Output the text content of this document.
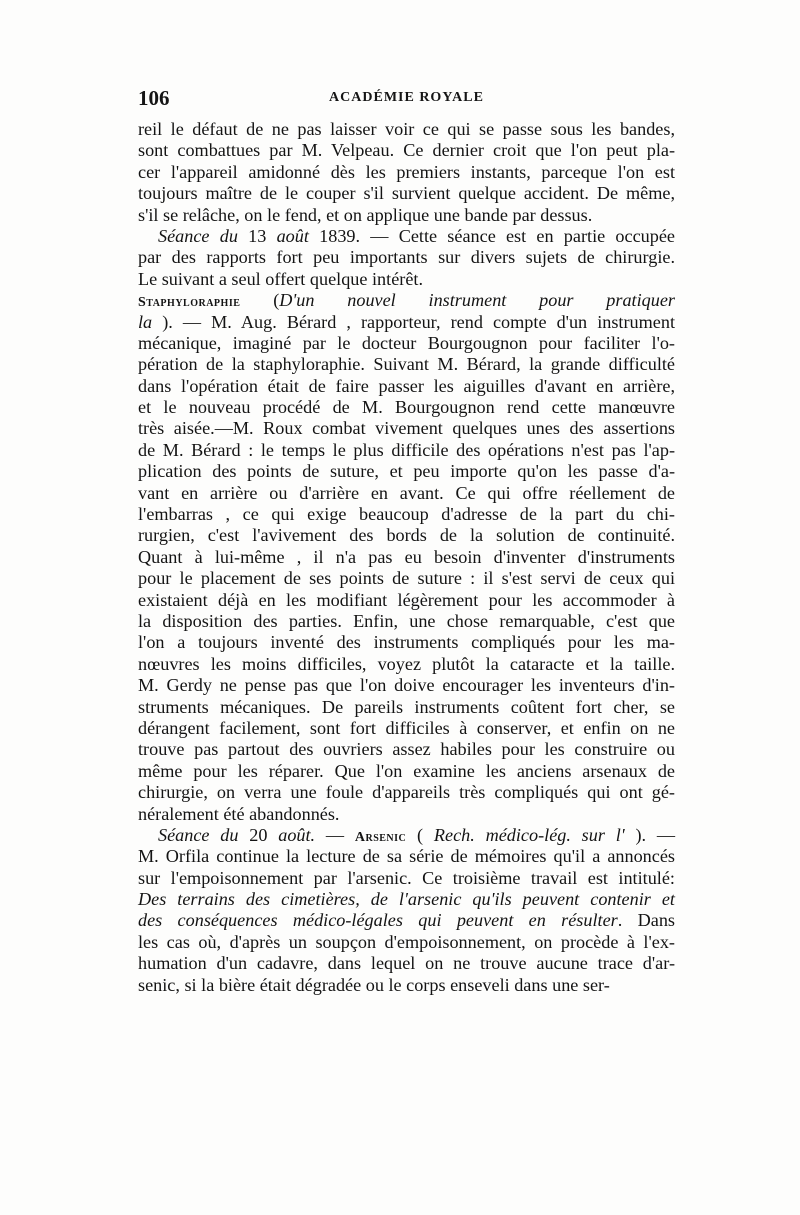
106	ACADÉMIE ROYALE
reil le défaut de ne pas laisser voir ce qui se passe sous les bandes,
sont combattues par M. Velpeau. Ce dernier croit que l'on peut pla-
cer l'appareil amidonné dès les premiers instants, parceque l'on est
toujours maître de le couper s'il survient quelque accident. De même,
s'il se relâche, on le fend, et on applique une bande par dessus.
Séance du 13 août 1839. — Cette séance est en partie occupée
par des rapports fort peu importants sur divers sujets de chirurgie.
Le suivant a seul offert quelque intérêt.
Staphyloraphie (D'un nouvel instrument pour pratiquer
la ). — M. Aug. Bérard , rapporteur, rend compte d'un instrument
mécanique, imaginé par le docteur Bourgougnon pour faciliter l'o-
pération de la staphyloraphie. Suivant M. Bérard, la grande difficulté
dans l'opération était de faire passer les aiguilles d'avant en arrière,
et le nouveau procédé de M. Bourgougnon rend cette manœuvre
très aisée.—M. Roux combat vivement quelques unes des assertions
de M. Bérard : le temps le plus difficile des opérations n'est pas l'ap-
plication des points de suture, et peu importe qu'on les passe d'a-
vant en arrière ou d'arrière en avant. Ce qui offre réellement de
l'embarras , ce qui exige beaucoup d'adresse de la part du chi-
rurgien, c'est l'avivement des bords de la solution de continuité.
Quant à lui-même , il n'a pas eu besoin d'inventer d'instruments
pour le placement de ses points de suture : il s'est servi de ceux qui
existaient déjà en les modifiant légèrement pour les accommoder à
la disposition des parties. Enfin, une chose remarquable, c'est que
l'on a toujours inventé des instruments compliqués pour les ma-
nœuvres les moins difficiles, voyez plutôt la cataracte et la taille.
M. Gerdy ne pense pas que l'on doive encourager les inventeurs d'in-
struments mécaniques. De pareils instruments coûtent fort cher, se
dérangent facilement, sont fort difficiles à conserver, et enfin on ne
trouve pas partout des ouvriers assez habiles pour les construire ou
même pour les réparer. Que l'on examine les anciens arsenaux de
chirurgie, on verra une foule d'appareils très compliqués qui ont gé-
néralement été abandonnés.
Séance du 20 août. — Arsenic ( Rech. médico-lég. sur l' ). —
M. Orfila continue la lecture de sa série de mémoires qu'il a annoncés
sur l'empoisonnement par l'arsenic. Ce troisième travail est intitulé:
Des terrains des cimetières, de l'arsenic qu'ils peuvent contenir et
des conséquences médico-légales qui peuvent en résulter. Dans
les cas où, d'après un soupçon d'empoisonnement, on procède à l'ex-
humation d'un cadavre, dans lequel on ne trouve aucune trace d'ar-
senic, si la bière était dégradée ou le corps enseveli dans une ser-
